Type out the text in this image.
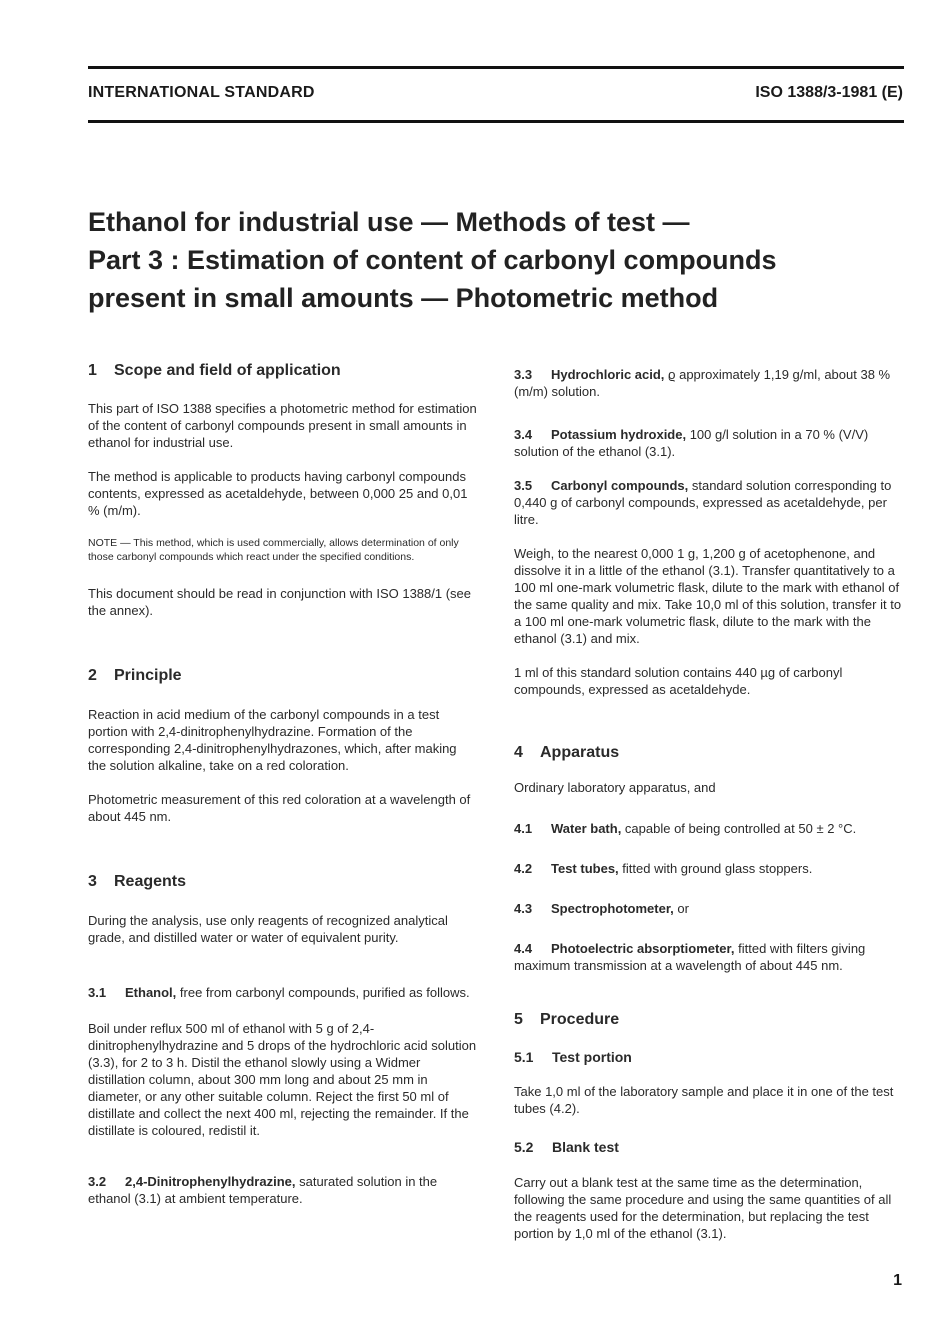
INTERNATIONAL STANDARD	ISO 1388/3-1981 (E)
Ethanol for industrial use — Methods of test —
Part 3 : Estimation of content of carbonyl compounds
present in small amounts — Photometric method
1	Scope and field of application

This part of ISO 1388 specifies a photometric method for estimation of the content of carbonyl compounds present in small amounts in ethanol for industrial use.

The method is applicable to products having carbonyl compounds contents, expressed as acetaldehyde, between 0,000 25 and 0,01 % (m/m).

NOTE — This method, which is used commercially, allows determination of only those carbonyl compounds which react under the specified conditions.

This document should be read in conjunction with ISO 1388/1 (see the annex).

2	Principle

Reaction in acid medium of the carbonyl compounds in a test portion with 2,4-dinitrophenylhydrazine. Formation of the corresponding 2,4-dinitrophenylhydrazones, which, after making the solution alkaline, take on a red coloration.

Photometric measurement of this red coloration at a wavelength of about 445 nm.

3	Reagents

During the analysis, use only reagents of recognized analytical grade, and distilled water or water of equivalent purity.

3.1 Ethanol, free from carbonyl compounds, purified as follows.

Boil under reflux 500 ml of ethanol with 5 g of 2,4-dinitrophenylhydrazine and 5 drops of the hydrochloric acid solution (3.3), for 2 to 3 h. Distil the ethanol slowly using a Widmer distillation column, about 300 mm long and about 25 mm in diameter, or any other suitable column. Reject the first 50 ml of distillate and collect the next 400 ml, rejecting the remainder. If the distillate is coloured, redistil it.

3.2 2,4-Dinitrophenylhydrazine, saturated solution in the ethanol (3.1) at ambient temperature.

3.3 Hydrochloric acid, ϱ approximately 1,19 g/ml, about 38 % (m/m) solution.

3.4 Potassium hydroxide, 100 g/l solution in a 70 % (V/V) solution of the ethanol (3.1).

3.5 Carbonyl compounds, standard solution corresponding to 0,440 g of carbonyl compounds, expressed as acetaldehyde, per litre.

Weigh, to the nearest 0,000 1 g, 1,200 g of acetophenone, and dissolve it in a little of the ethanol (3.1). Transfer quantitatively to a 100 ml one-mark volumetric flask, dilute to the mark with ethanol of the same quality and mix. Take 10,0 ml of this solution, transfer it to a 100 ml one-mark volumetric flask, dilute to the mark with the ethanol (3.1) and mix.

1 ml of this standard solution contains 440 µg of carbonyl compounds, expressed as acetaldehyde.

4	Apparatus

Ordinary laboratory apparatus, and

4.1 Water bath, capable of being controlled at 50 ± 2 °C.

4.2 Test tubes, fitted with ground glass stoppers.

4.3 Spectrophotometer, or

4.4 Photoelectric absorptiometer, fitted with filters giving maximum transmission at a wavelength of about 445 nm.

5	Procedure
5.1	Test portion

Take 1,0 ml of the laboratory sample and place it in one of the test tubes (4.2).

5.2	Blank test

Carry out a blank test at the same time as the determination, following the same procedure and using the same quantities of all the reagents used for the determination, but replacing the test portion by 1,0 ml of the ethanol (3.1).

1
